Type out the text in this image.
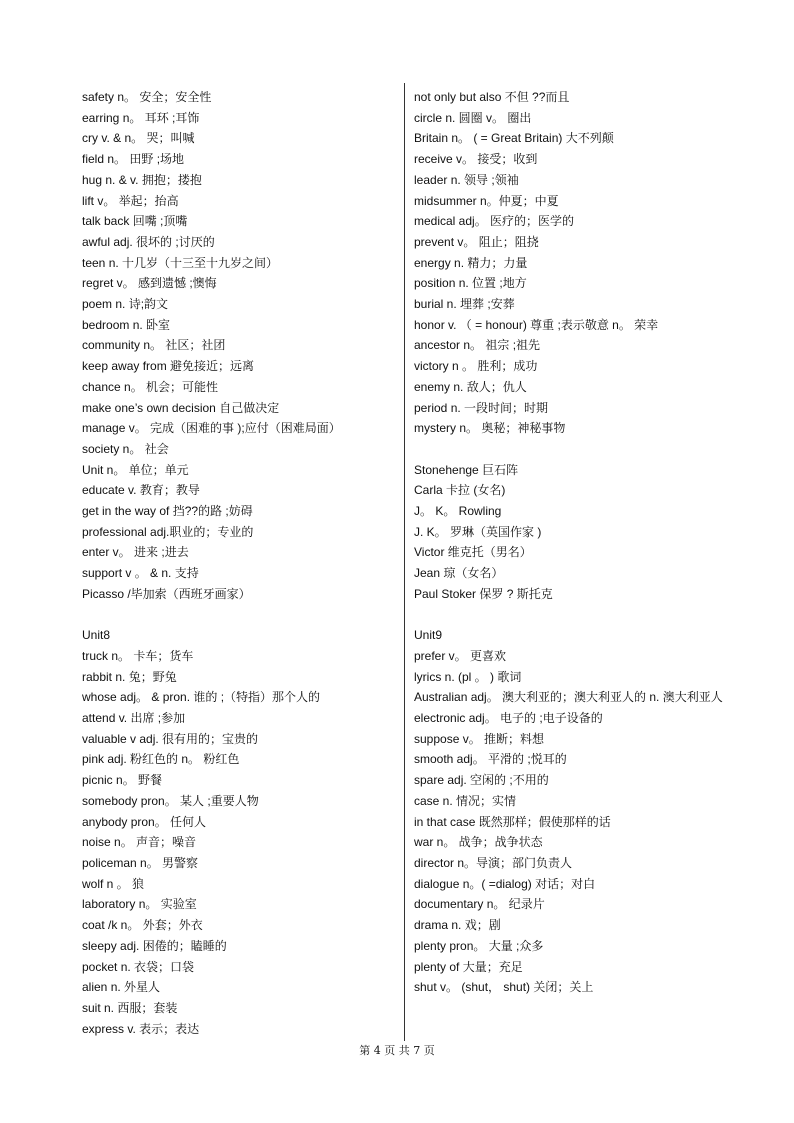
safety n。 安全；安全性
earring n。 耳环 ;耳饰
cry v. & n。 哭；叫喊
field n。 田野 ;场地
hug n. & v. 拥抱；搂抱
lift v。 举起；抬高
talk back 回嘴 ;顶嘴
awful adj. 很坏的 ;讨厌的
teen n. 十几岁（十三至十九岁之间）
regret v。 感到遗憾 ;懊悔
poem n. 诗;韵文
bedroom n. 卧室
community n。 社区；社团
keep away from 避免接近；远离
chance n。 机会；可能性
make one’s own decision 自己做决定
manage v。 完成（困难的事 );应付（困难局面）
society n。 社会
Unit n。 单位；单元
educate v. 教育；教导
get in the way of 挡??的路 ;妨碍
professional adj.职业的；专业的
enter v。 进来 ;进去
support v 。 & n. 支持
Picasso /毕加索（西班牙画家）
Unit8
truck n。 卡车；货车
rabbit n. 兔；野兔
whose adj。 & pron. 谁的 ;（特指）那个人的
attend v. 出席 ;参加
valuable v adj. 很有用的；宝贵的
pink adj. 粉红色的 n。 粉红色
picnic n。 野餐
somebody pron。 某人 ;重要人物
anybody pron。 任何人
noise n。 声音；噪音
policeman n。 男警察
wolf n 。 狼
laboratory n。 实验室
coat /k n。 外套；外衣
sleepy adj. 困倦的；瞌睡的
pocket n. 衣袋；口袋
alien n. 外星人
suit n. 西服；套装
express v. 表示；表达
not only but also 不但 ??而且
circle n. 圆圈 v。 圈出
Britain n。 ( = Great Britain) 大不列颠
receive v。 接受；收到
leader n. 领导 ;领袖
midsummer n。仲夏；中夏
medical adj。 医疗的；医学的
prevent v。 阻止；阻挠
energy n. 精力；力量
position n. 位置 ;地方
burial n. 埋葬 ;安葬
honor v. （ = honour) 尊重 ;表示敬意 n。 荣幸
ancestor n。 祖宗 ;祖先
victory n 。 胜利；成功
enemy n. 敌人；仇人
period n. 一段时间；时期
mystery n。 奥秘；神秘事物
Stonehenge 巨石阵
Carla 卡拉 (女名)
J。 K。 Rowling
J. K。 罗琳（英国作家 )
Victor 维克托（男名）
Jean 琼（女名）
Paul Stoker 保罗 ? 斯托克
Unit9
prefer v。 更喜欢
lyrics n. (pl 。 ) 歌词
Australian adj。 澳大利亚的；澳大利亚人的 n. 澳大利亚人
electronic adj。 电子的 ;电子设备的
suppose v。 推断；料想
smooth adj。 平滑的 ;悦耳的
spare adj. 空闲的 ;不用的
case n. 情况；实情
in that case 既然那样；假使那样的话
war n。 战争；战争状态
director n。导演；部门负责人
dialogue n。( =dialog) 对话；对白
documentary n。 纪录片
drama n. 戏；剧
plenty pron。 大量 ;众多
plenty of 大量；充足
shut v。 (shut， shut) 关闭；关上
第 4 页 共 7 页
